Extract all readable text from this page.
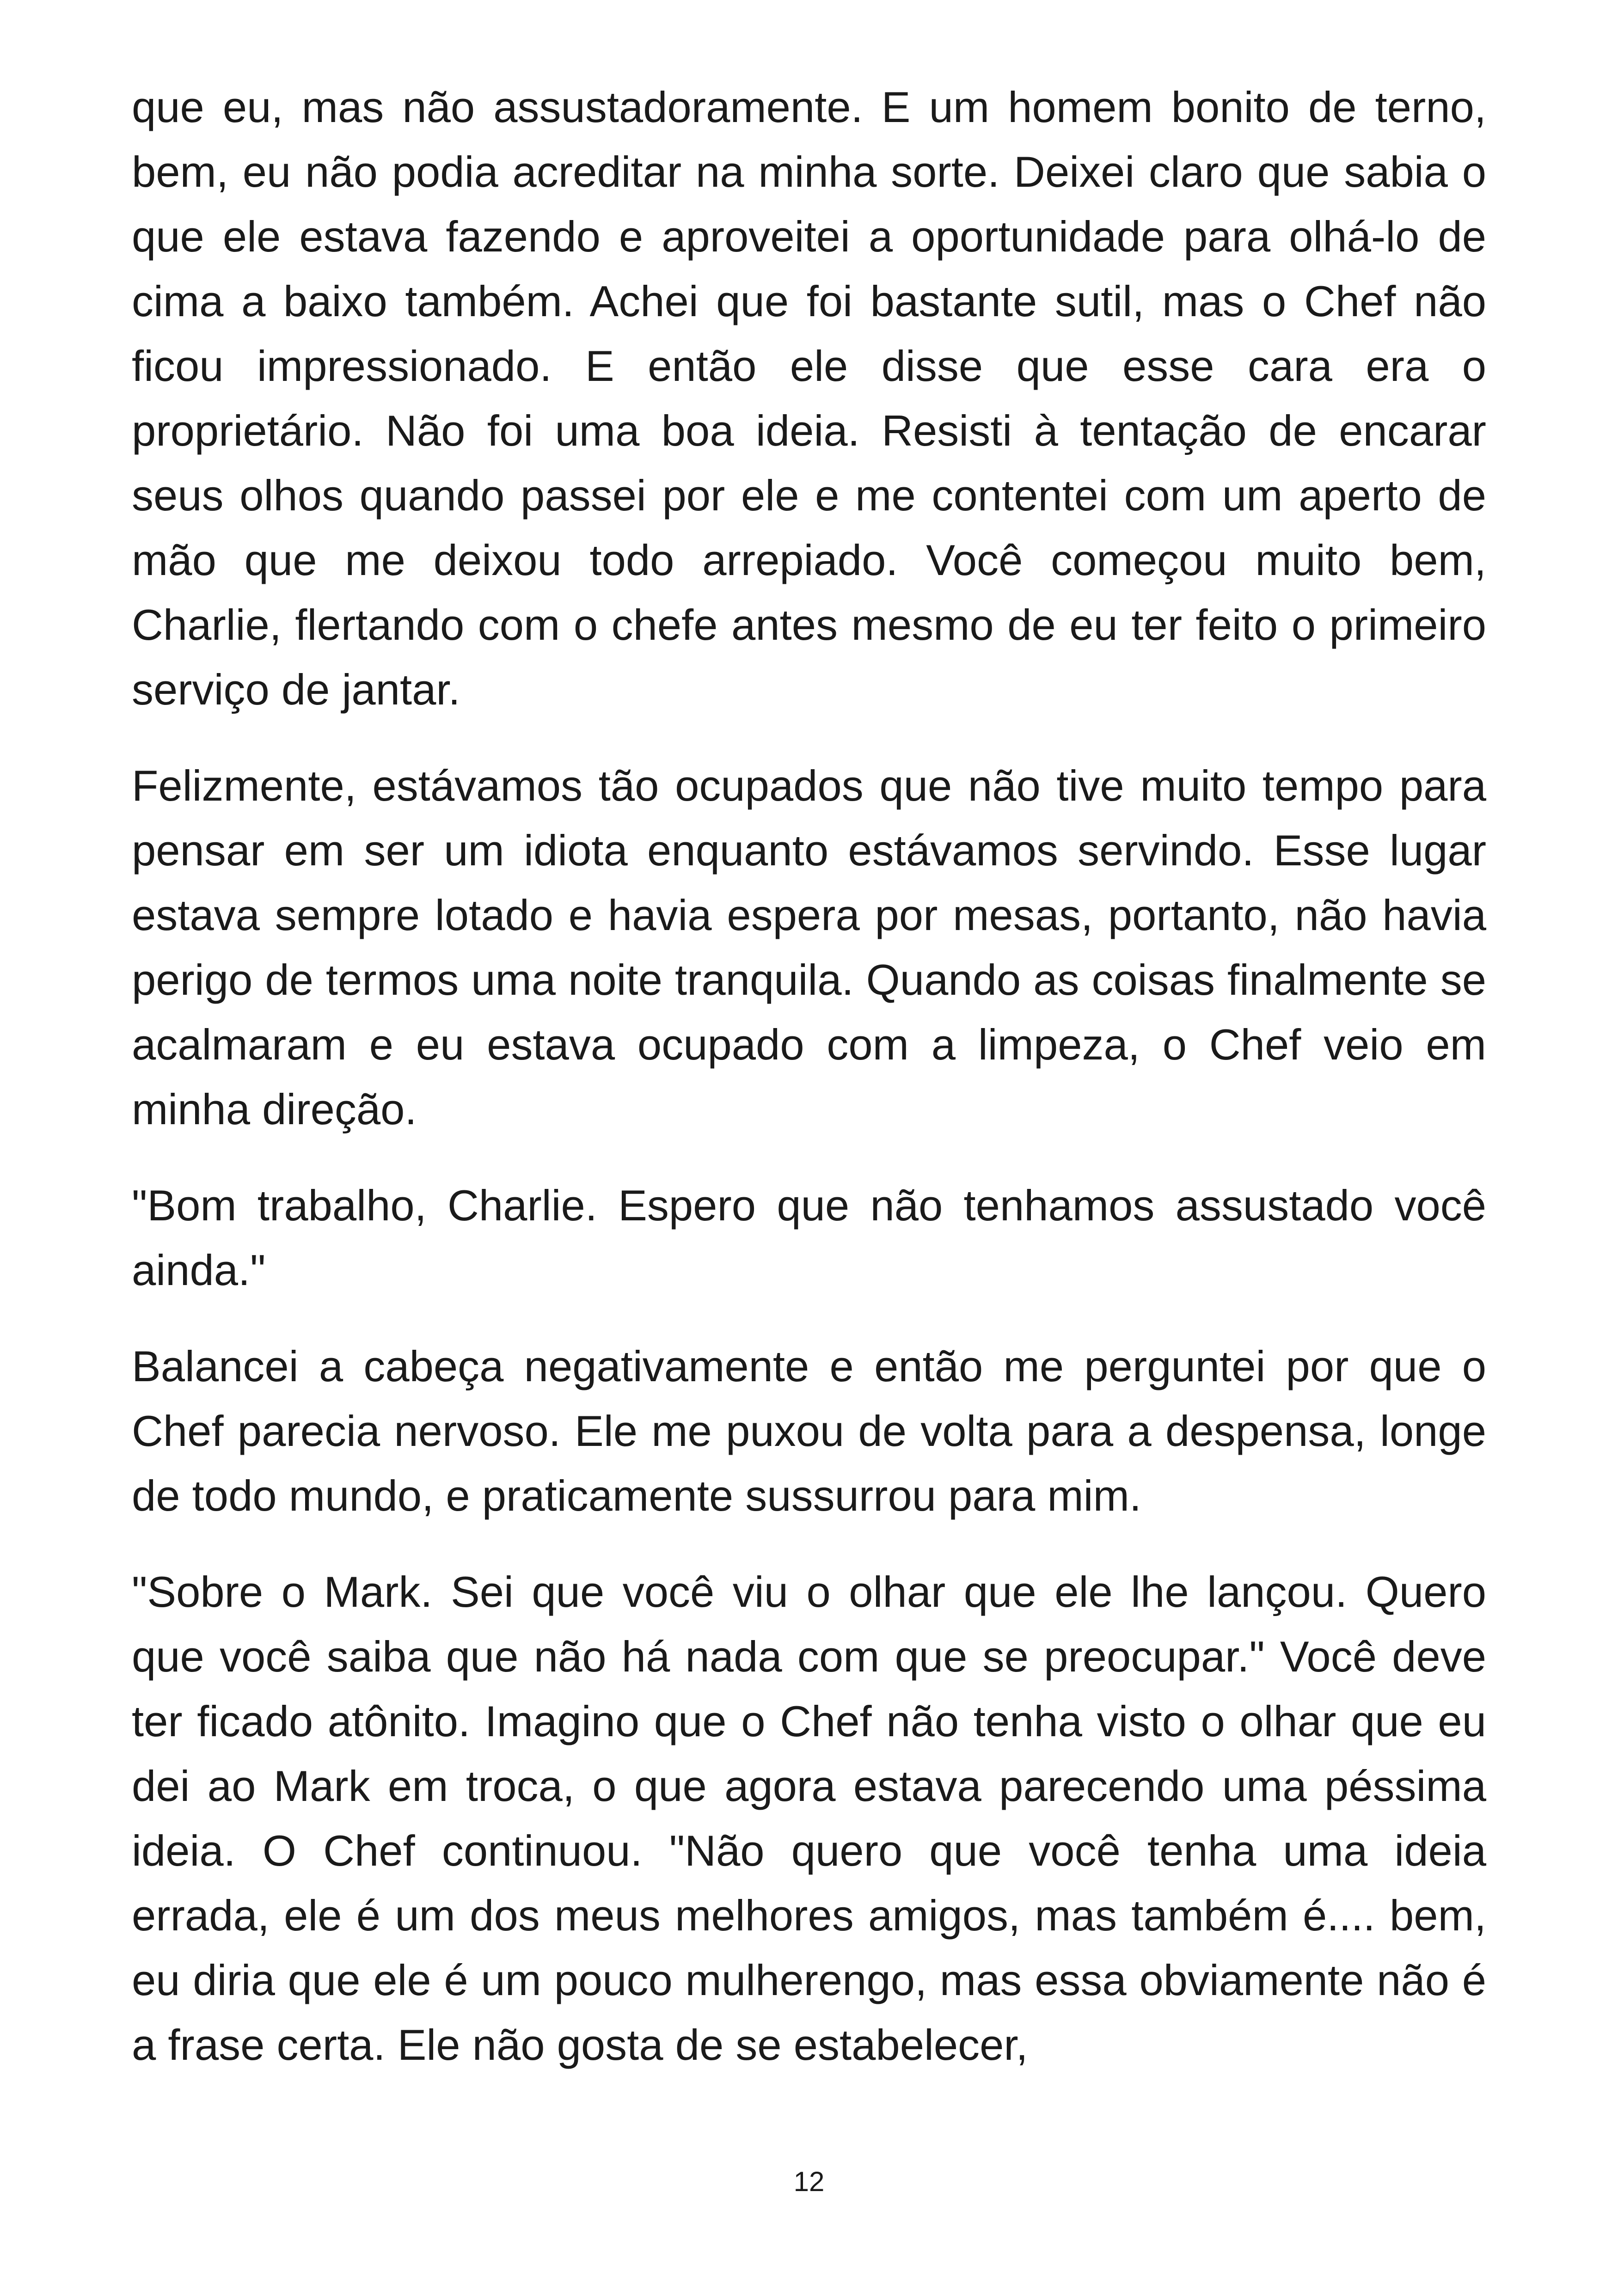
que eu, mas não assustadoramente. E um homem bonito de terno, bem, eu não podia acreditar na minha sorte. Deixei claro que sabia o que ele estava fazendo e aproveitei a oportunidade para olhá-lo de cima a baixo também. Achei que foi bastante sutil, mas o Chef não ficou impressionado. E então ele disse que esse cara era o proprietário. Não foi uma boa ideia. Resisti à tentação de encarar seus olhos quando passei por ele e me contentei com um aperto de mão que me deixou todo arrepiado. Você começou muito bem, Charlie, flertando com o chefe antes mesmo de eu ter feito o primeiro serviço de jantar.

Felizmente, estávamos tão ocupados que não tive muito tempo para pensar em ser um idiota enquanto estávamos servindo. Esse lugar estava sempre lotado e havia espera por mesas, portanto, não havia perigo de termos uma noite tranquila. Quando as coisas finalmente se acalmaram e eu estava ocupado com a limpeza, o Chef veio em minha direção.

"Bom trabalho, Charlie. Espero que não tenhamos assustado você ainda."

Balancei a cabeça negativamente e então me perguntei por que o Chef parecia nervoso. Ele me puxou de volta para a despensa, longe de todo mundo, e praticamente sussurrou para mim.

"Sobre o Mark. Sei que você viu o olhar que ele lhe lançou. Quero que você saiba que não há nada com que se preocupar." Você deve ter ficado atônito. Imagino que o Chef não tenha visto o olhar que eu dei ao Mark em troca, o que agora estava parecendo uma péssima ideia. O Chef continuou. "Não quero que você tenha uma ideia errada, ele é um dos meus melhores amigos, mas também é.... bem, eu diria que ele é um pouco mulherengo, mas essa obviamente não é a frase certa. Ele não gosta de se estabelecer,

12
